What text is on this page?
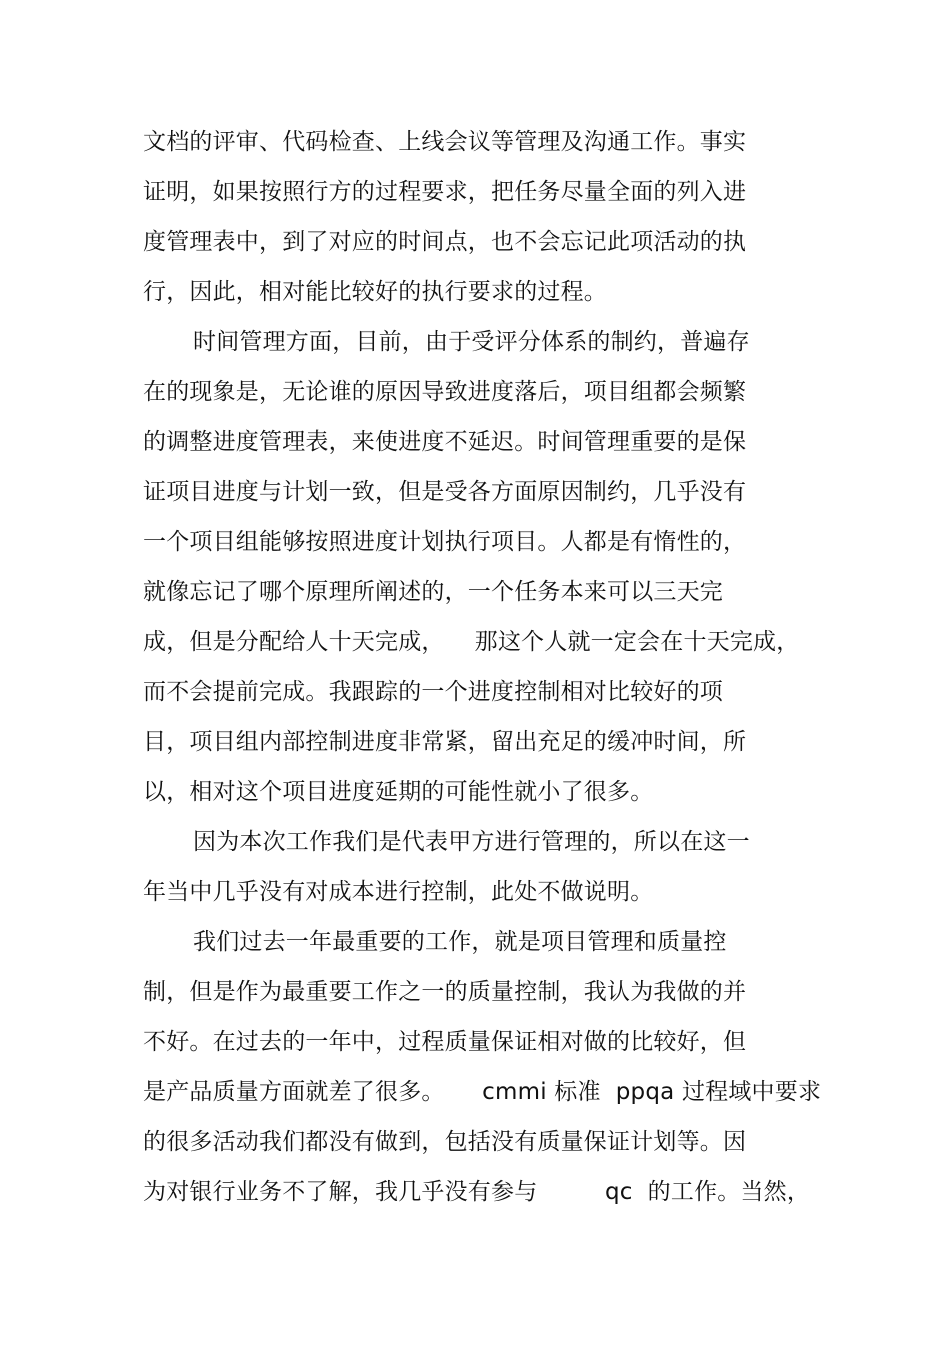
文档的评审、代码检查、上线会议等管理及沟通工作。事实
证明，如果按照行方的过程要求，把任务尽量全面的列入进
度管理表中，到了对应的时间点，也不会忘记此项活动的执
行，因此，相对能比较好的执行要求的过程。
时间管理方面，目前，由于受评分体系的制约，普遍存
在的现象是，无论谁的原因导致进度落后，项目组都会频繁
的调整进度管理表，来使进度不延迟。时间管理重要的是保
证项目进度与计划一致，但是受各方面原因制约，几乎没有
一个项目组能够按照进度计划执行项目。人都是有惰性的，
就像忘记了哪个原理所阐述的，一个任务本来可以三天完
成，但是分配给人十天完成，    那这个人就一定会在十天完成，
而不会提前完成。我跟踪的一个进度控制相对比较好的项
目，项目组内部控制进度非常紧，留出充足的缓冲时间，所
以，相对这个项目进度延期的可能性就小了很多。
因为本次工作我们是代表甲方进行管理的，所以在这一
年当中几乎没有对成本进行控制，此处不做说明。
我们过去一年最重要的工作，就是项目管理和质量控
制，但是作为最重要工作之一的质量控制，我认为我做的并
不好。在过去的一年中，过程质量保证相对做的比较好，但
是产品质量方面就差了很多。     cmmi 标准  ppqa 过程域中要求
的很多活动我们都没有做到，包括没有质量保证计划等。因
为对银行业务不了解，我几乎没有参与         qc  的工作。当然，
